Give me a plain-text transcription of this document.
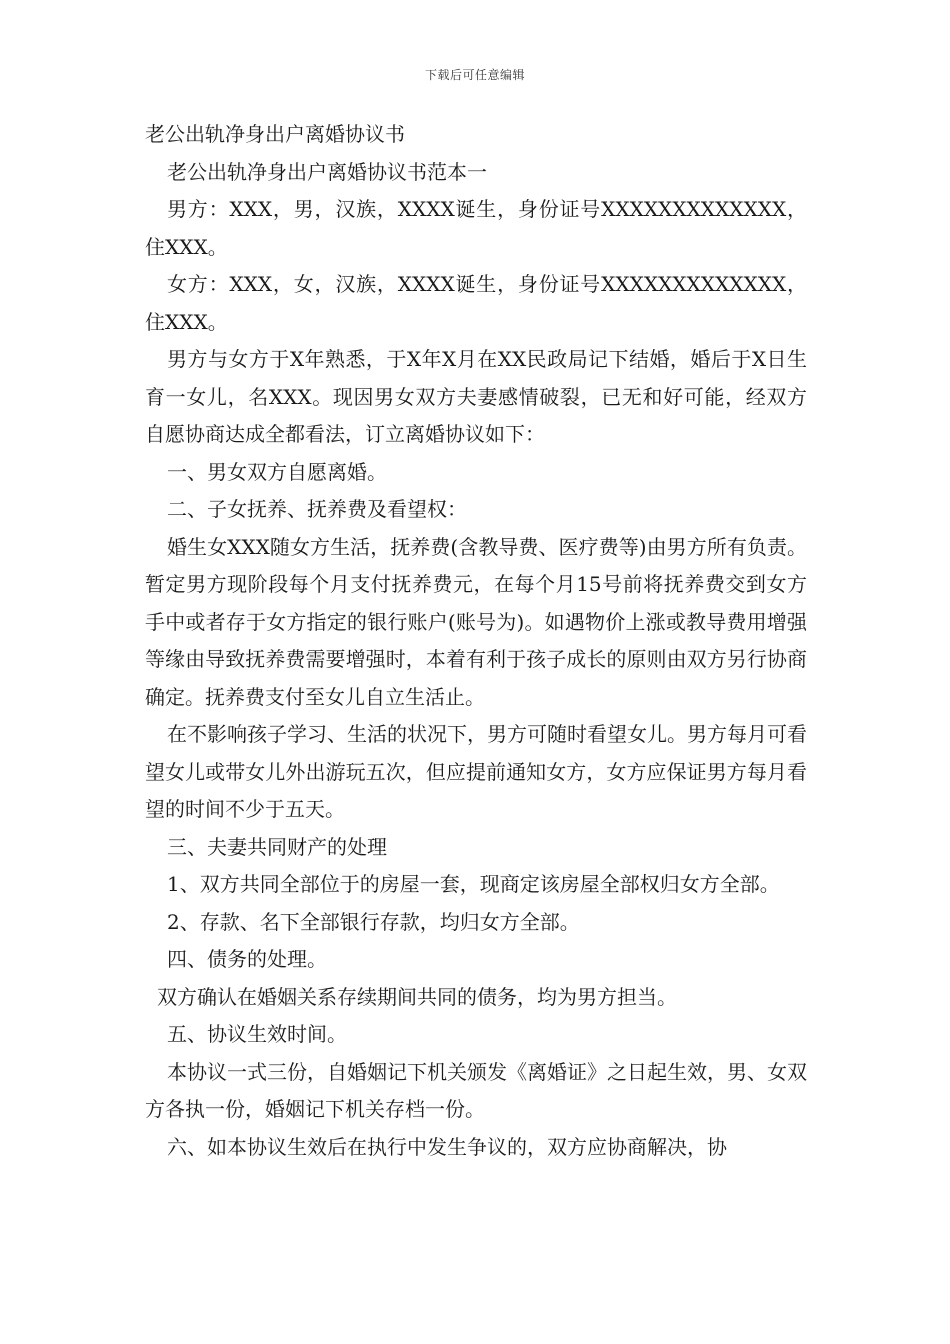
下载后可任意编辑

老公出轨净身出户离婚协议书

老公出轨净身出户离婚协议书范本一

男方：XXX，男，汉族，XXXX诞生，身份证号XXXXXXXXXXXXX，住XXX。

女方：XXX，女，汉族，XXXX诞生，身份证号XXXXXXXXXXXXX，住XXX。

男方与女方于X年熟悉，于X年X月在XX民政局记下结婚，婚后于X日生育一女儿，名XXX。现因男女双方夫妻感情破裂，已无和好可能，经双方自愿协商达成全都看法，订立离婚协议如下：

一、男女双方自愿离婚。

二、子女抚养、抚养费及看望权：

婚生女XXX随女方生活，抚养费(含教导费、医疗费等)由男方所有负责。暂定男方现阶段每个月支付抚养费元，在每个月15号前将抚养费交到女方手中或者存于女方指定的银行账户(账号为)。如遇物价上涨或教导费用增强等缘由导致抚养费需要增强时，本着有利于孩子成长的原则由双方另行协商确定。抚养费支付至女儿自立生活止。

在不影响孩子学习、生活的状况下，男方可随时看望女儿。男方每月可看望女儿或带女儿外出游玩五次，但应提前通知女方，女方应保证男方每月看望的时间不少于五天。

三、夫妻共同财产的处理

1、双方共同全部位于的房屋一套，现商定该房屋全部权归女方全部。

2、存款、名下全部银行存款，均归女方全部。

四、债务的处理。

双方确认在婚姻关系存续期间共同的债务，均为男方担当。

五、协议生效时间。

本协议一式三份，自婚姻记下机关颁发《离婚证》之日起生效，男、女双方各执一份，婚姻记下机关存档一份。

六、如本协议生效后在执行中发生争议的，双方应协商解决，协
